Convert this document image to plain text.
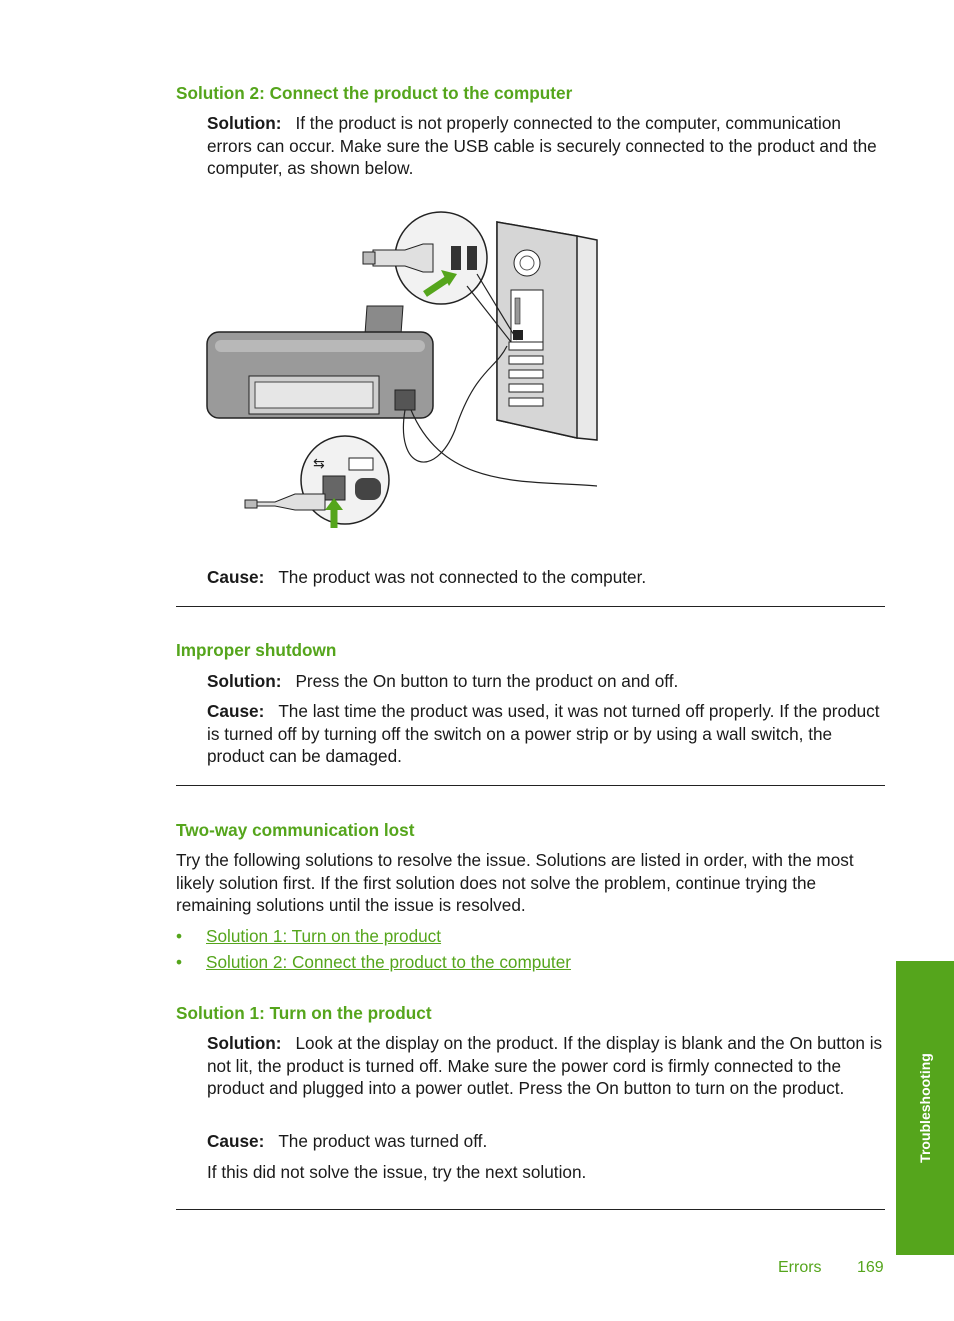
Solution 2: Connect the product to the computer

Solution: If the product is not properly connected to the computer, communication errors can occur. Make sure the USB cable is securely connected to the product and the computer, as shown below.

⇆

Cause: The product was not connected to the computer.

Improper shutdown

Solution: Press the On button to turn the product on and off.

Cause: The last time the product was used, it was not turned off properly. If the product is turned off by turning off the switch on a power strip or by using a wall switch, the product can be damaged.

Two-way communication lost

Try the following solutions to resolve the issue. Solutions are listed in order, with the most likely solution first. If the first solution does not solve the problem, continue trying the remaining solutions until the issue is resolved.

• Solution 1: Turn on the product
• Solution 2: Connect the product to the computer
Solution 1: Turn on the product

Solution: Look at the display on the product. If the display is blank and the On button is not lit, the product is turned off. Make sure the power cord is firmly connected to the product and plugged into a power outlet. Press the On button to turn on the product.

Cause: The product was turned off.

If this did not solve the issue, try the next solution.

Troubleshooting
Errors 169
